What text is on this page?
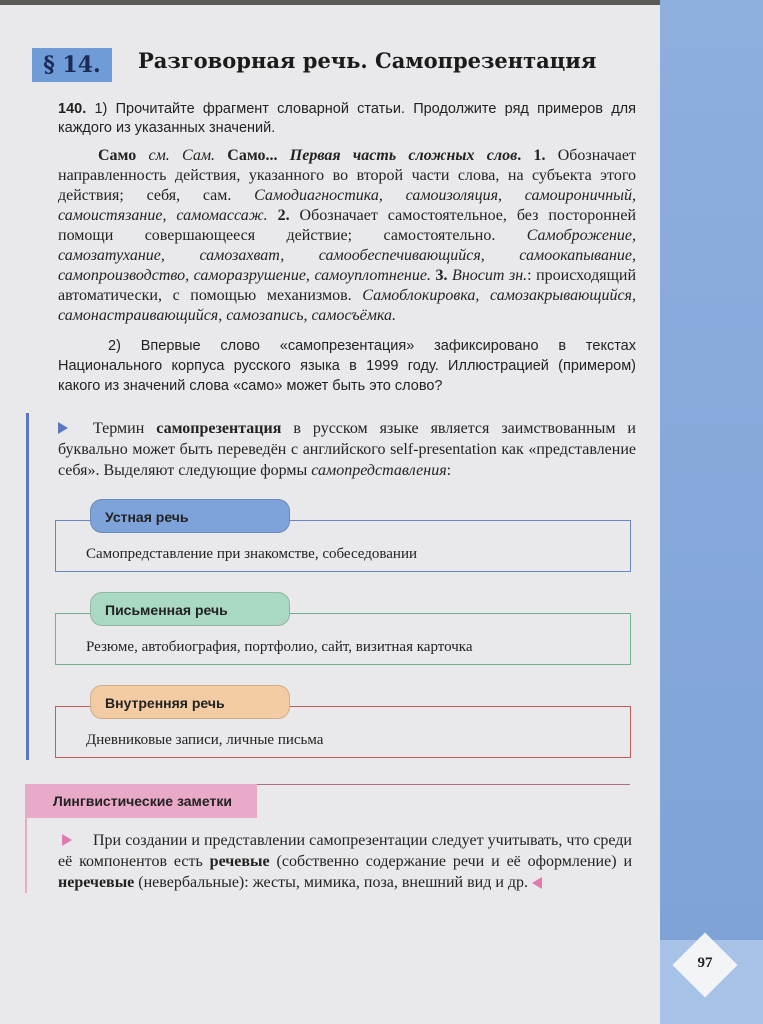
97
§ 14.	Разговорная речь. Самопрезентация
140. 1) Прочитайте фрагмент словарной статьи. Продолжите ряд примеров для каждого из указанных значений.
Само см. Сам. Само... Первая часть сложных слов. 1. Обозначает направленность действия, указанного во второй части слова, на субъекта этого действия; себя, сам. Самодиагностика, самоизоляция, самоироничный, самоистязание, самомассаж. 2. Обозначает самостоятельное, без посторонней помощи совершающееся действие; самостоятельно. Самоброжение, самозатухание, самозахват, самообеспечивающийся, самоокапывание, самопроизводство, саморазрушение, самоуплотнение. 3. Вносит зн.: происходящий автоматически, с помощью механизмов. Самоблокировка, самозакрывающийся, самонастраивающийся, самозапись, самосъёмка.
2) Впервые слово «самопрезентация» зафиксировано в текстах Национального корпуса русского языка в 1999 году. Иллюстрацией (примером) какого из значений слова «само» может быть это слово?
Термин самопрезентация в русском языке является заимствованным и буквально может быть переведён с английского self-presentation как «представление себя». Выделяют следующие формы самопредставления:
Самопредставление при знакомстве, собеседовании
Устная речь
Резюме, автобиография, портфолио, сайт, визитная карточка
Письменная речь
Дневниковые записи, личные письма
Внутренняя речь
Лингвистические заметки
При создании и представлении самопрезентации следует учитывать, что среди её компонентов есть речевые (собственно содержание речи и её оформление) и неречевые (невербальные): жесты, мимика, поза, внешний вид и др.
